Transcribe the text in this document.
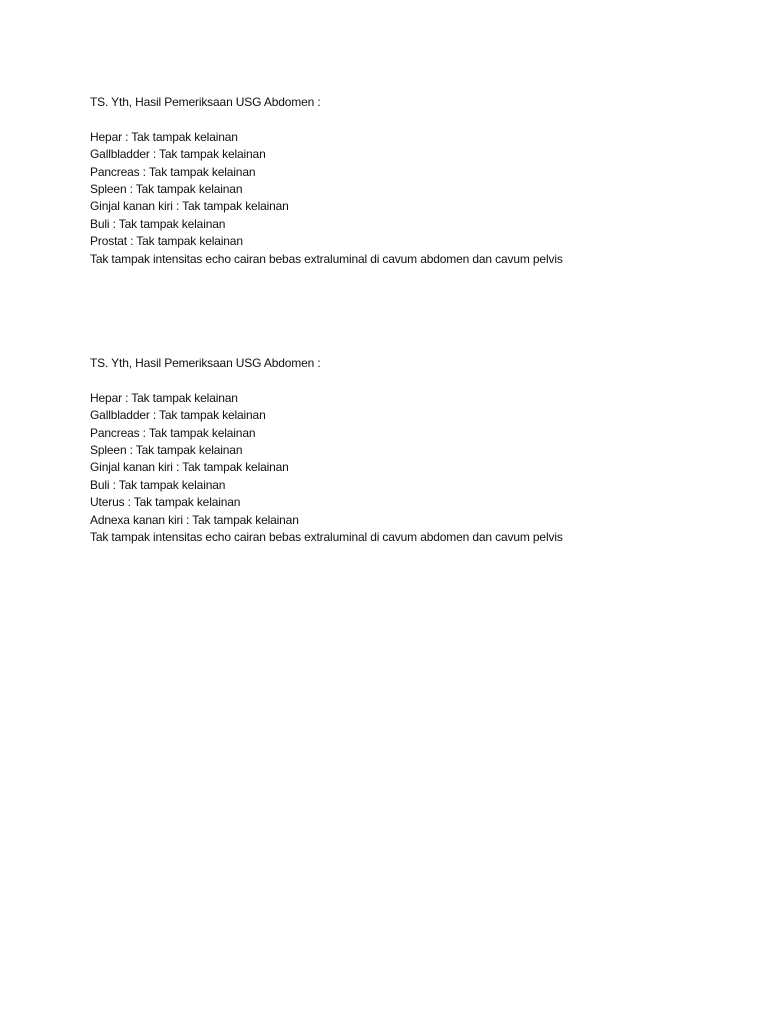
TS. Yth, Hasil Pemeriksaan USG Abdomen :
Hepar : Tak tampak kelainan
Gallbladder : Tak tampak kelainan
Pancreas : Tak tampak kelainan
Spleen : Tak tampak kelainan
Ginjal kanan kiri : Tak tampak kelainan
Buli : Tak tampak kelainan
Prostat : Tak tampak kelainan
Tak tampak intensitas echo cairan bebas extraluminal di cavum abdomen dan cavum pelvis
TS. Yth, Hasil Pemeriksaan USG Abdomen :
Hepar : Tak tampak kelainan
Gallbladder : Tak tampak kelainan
Pancreas : Tak tampak kelainan
Spleen : Tak tampak kelainan
Ginjal kanan kiri : Tak tampak kelainan
Buli : Tak tampak kelainan
Uterus : Tak tampak kelainan
Adnexa kanan kiri : Tak tampak kelainan
Tak tampak intensitas echo cairan bebas extraluminal di cavum abdomen dan cavum pelvis
